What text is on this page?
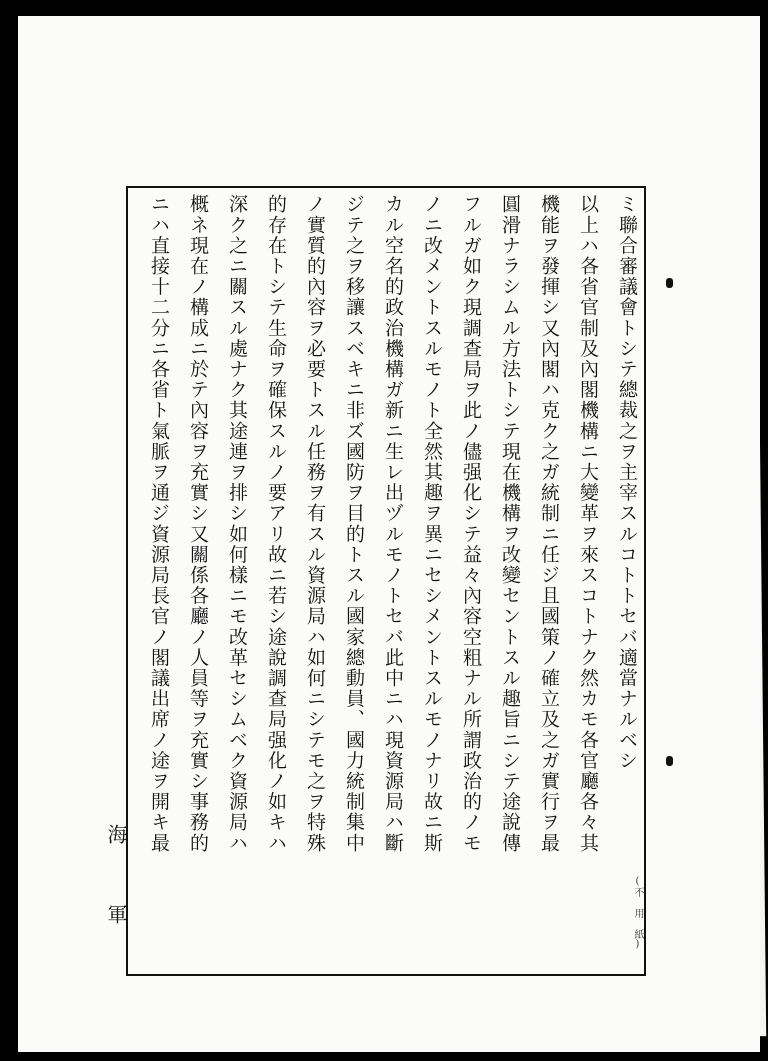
ミ聯合審議會トシテ總裁之ヲ主宰スルコトトセバ適當ナルベシ
以上ハ各省官制及內閣機構ニ大變革ヲ來スコトナク然カモ各官廳各々其
機能ヲ發揮シ又內閣ハ克ク之ガ統制ニ任ジ且國策ノ確立及之ガ實行ヲ最
圓滑ナラシムル方法トシテ現在機構ヲ改變セントスル趣旨ニシテ途說傳
フルガ如ク現調查局ヲ此ノ儘强化シテ益々內容空粗ナル所謂政治的ノモ
ノニ改メントスルモノト全然其趣ヲ異ニセシメントスルモノナリ故ニ斯
カル空名的政治機構ガ新ニ生レ出ヅルモノトセバ此中ニハ現資源局ハ斷
ジテ之ヲ移讓スベキニ非ズ國防ヲ目的トスル國家總動員、國力統制集中
ノ實質的內容ヲ必要トスル任務ヲ有スル資源局ハ如何ニシテモ之ヲ特殊
的存在トシテ生命ヲ確保スルノ要アリ故ニ若シ途說調查局强化ノ如キハ
深ク之ニ關スル處ナク其途連ヲ排シ如何樣ニモ改革セシムベク資源局ハ
概ネ現在ノ構成ニ於テ內容ヲ充實シ又關係各廳ノ人員等ヲ充實シ事務的
ニハ直接十二分ニ各省ト氣脈ヲ通ジ資源局長官ノ閣議出席ノ途ヲ開キ最
海
軍	(不 用 紙)
